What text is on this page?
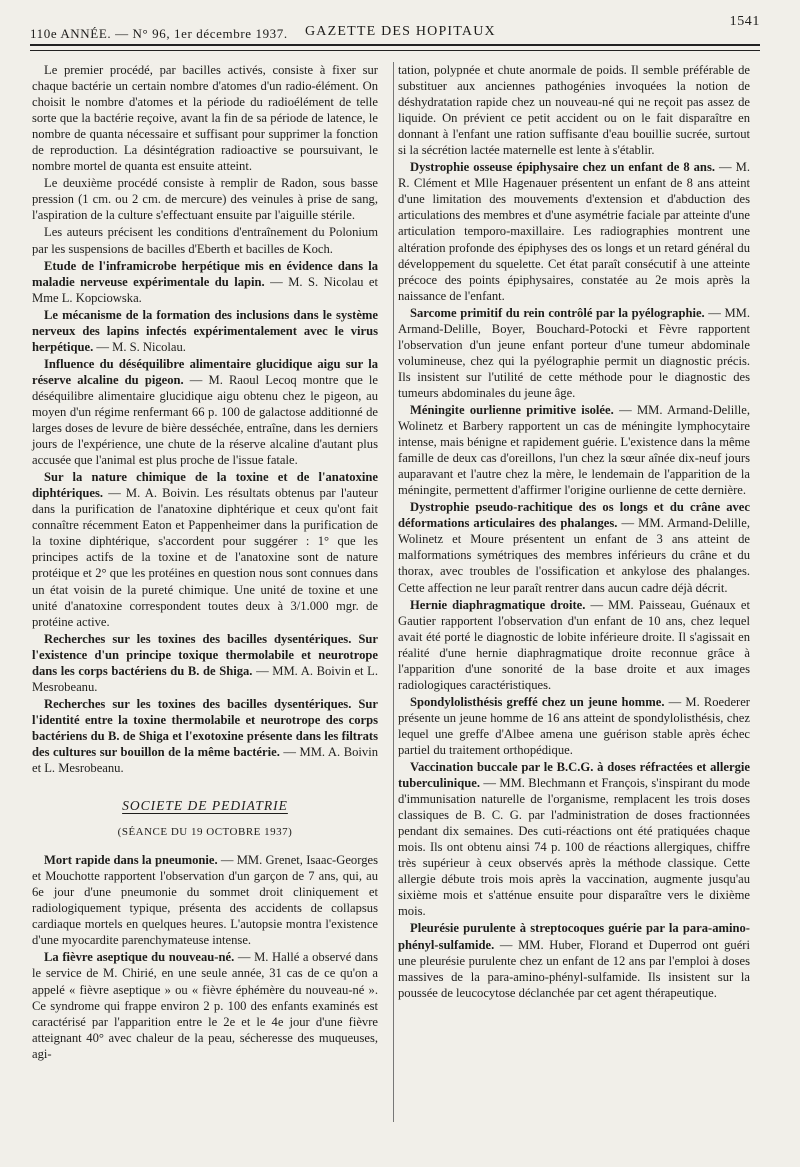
110e ANNÉE. — N° 96, 1er décembre 1937. GAZETTE DES HOPITAUX
1541

Le premier procédé, par bacilles activés, consiste à fixer sur chaque bactérie un certain nombre d'atomes d'un radio-élément. On choisit le nombre d'atomes et la période du radioélément de telle sorte que la bactérie reçoive, avant la fin de sa période de latence, le nombre de quanta nécessaire et suffisant pour supprimer la fonction de reproduction. La désintégration radioactive se poursuivant, le nombre mortel de quanta est ensuite atteint.

Le deuxième procédé consiste à remplir de Radon, sous basse pression (1 cm. ou 2 cm. de mercure) des veinules à prise de sang, l'aspiration de la culture s'effectuant ensuite par l'aiguille stérile.

Les auteurs précisent les conditions d'entraînement du Polonium par les suspensions de bacilles d'Eberth et bacilles de Koch.

Etude de l'inframicrobe herpétique mis en évidence dans la maladie nerveuse expérimentale du lapin. — M. S. Nicolau et Mme L. Kopciowska.

Le mécanisme de la formation des inclusions dans le système nerveux des lapins infectés expérimentalement avec le virus herpétique. — M. S. Nicolau.

Influence du déséquilibre alimentaire glucidique aigu sur la réserve alcaline du pigeon. — M. Raoul Lecoq montre que le déséquilibre alimentaire glucidique aigu obtenu chez le pigeon, au moyen d'un régime renfermant 66 p. 100 de galactose additionné de larges doses de levure de bière desséchée, entraîne, dans les derniers jours de l'expérience, une chute de la réserve alcaline d'autant plus accusée que l'animal est plus proche de l'issue fatale.

Sur la nature chimique de la toxine et de l'anatoxine diphtériques. — M. A. Boivin. Les résultats obtenus par l'auteur dans la purification de l'anatoxine diphtérique et ceux qu'ont fait connaître récemment Eaton et Pappenheimer dans la purification de la toxine diphtérique, s'accordent pour suggérer : 1° que les principes actifs de la toxine et de l'anatoxine sont de nature protéique et 2° que les protéines en question nous sont connues dans un état voisin de la pureté chimique. Une unité de toxine et une unité d'anatoxine correspondent toutes deux à 3/1.000 mgr. de protéine active.

Recherches sur les toxines des bacilles dysentériques. Sur l'existence d'un principe toxique thermolabile et neurotrope dans les corps bactériens du B. de Shiga. — MM. A. Boivin et L. Mesrobeanu.

Recherches sur les toxines des bacilles dysentériques. Sur l'identité entre la toxine thermolabile et neurotrope des corps bactériens du B. de Shiga et l'exotoxine présente dans les filtrats des cultures sur bouillon de la même bactérie. — MM. A. Boivin et L. Mesrobeanu.

SOCIETE DE PEDIATRIE

(SÉANCE DU 19 OCTOBRE 1937)

Mort rapide dans la pneumonie. — MM. Grenet, Isaac-Georges et Mouchotte rapportent l'observation d'un garçon de 7 ans, qui, au 6e jour d'une pneumonie du sommet droit cliniquement et radiologiquement typique, présenta des accidents de collapsus cardiaque mortels en quelques heures. L'autopsie montra l'existence d'une myocardite parenchymateuse intense.

La fièvre aseptique du nouveau-né. — M. Hallé a observé dans le service de M. Chirié, en une seule année, 31 cas de ce qu'on a appelé « fièvre aseptique » ou « fièvre éphémère du nouveau-né ». Ce syndrome qui frappe environ 2 p. 100 des enfants examinés est caractérisé par l'apparition entre le 2e et le 4e jour d'une fièvre atteignant 40° avec chaleur de la peau, sécheresse des muqueuses, agi-

tation, polypnée et chute anormale de poids. Il semble préférable de substituer aux anciennes pathogénies invoquées la notion de déshydratation rapide chez un nouveau-né qui ne reçoit pas assez de liquide. On prévient ce petit accident ou on le fait disparaître en donnant à l'enfant une ration suffisante d'eau bouillie sucrée, surtout si la sécrétion lactée maternelle est lente à s'établir.

Dystrophie osseuse épiphysaire chez un enfant de 8 ans. — M. R. Clément et Mlle Hagenauer présentent un enfant de 8 ans atteint d'une limitation des mouvements d'extension et d'abduction des articulations des membres et d'une asymétrie faciale par atteinte d'une articulation temporo-maxillaire. Les radiographies montrent une altération profonde des épiphyses des os longs et un retard général du développement du squelette. Cet état paraît consécutif à une atteinte précoce des points épiphysaires, constatée au 2e mois après la naissance de l'enfant.

Sarcome primitif du rein contrôlé par la pyélographie. — MM. Armand-Delille, Boyer, Bouchard-Potocki et Fèvre rapportent l'observation d'un jeune enfant porteur d'une tumeur abdominale volumineuse, chez qui la pyélographie permit un diagnostic précis. Ils insistent sur l'utilité de cette méthode pour le diagnostic des tumeurs abdominales du jeune âge.

Méningite ourlienne primitive isolée. — MM. Armand-Delille, Wolinetz et Barbery rapportent un cas de méningite lymphocytaire intense, mais bénigne et rapidement guérie. L'existence dans la même famille de deux cas d'oreillons, l'un chez la sœur aînée dix-neuf jours auparavant et l'autre chez la mère, le lendemain de l'apparition de la méningite, permettent d'affirmer l'origine ourlienne de cette dernière.

Dystrophie pseudo-rachitique des os longs et du crâne avec déformations articulaires des phalanges. — MM. Armand-Delille, Wolinetz et Moure présentent un enfant de 3 ans atteint de malformations symétriques des membres inférieurs du crâne et du thorax, avec troubles de l'ossification et ankylose des phalanges. Cette affection ne leur paraît rentrer dans aucun cadre déjà décrit.

Hernie diaphragmatique droite. — MM. Paisseau, Guénaux et Gautier rapportent l'observation d'un enfant de 10 ans, chez lequel avait été porté le diagnostic de lobite inférieure droite. Il s'agissait en réalité d'une hernie diaphragmatique droite reconnue grâce à l'apparition d'une sonorité de la base droite et aux images radiologiques caractéristiques.

Spondylolisthésis greffé chez un jeune homme. — M. Roederer présente un jeune homme de 16 ans atteint de spondylolisthésis, chez lequel une greffe d'Albee amena une guérison stable après échec partiel du traitement orthopédique.

Vaccination buccale par le B.C.G. à doses réfractées et allergie tuberculinique. — MM. Blechmann et François, s'inspirant du mode d'immunisation naturelle de l'organisme, remplacent les trois doses classiques de B. C. G. par l'administration de doses fractionnées pendant dix semaines. Des cuti-réactions ont été pratiquées chaque mois. Ils ont obtenu ainsi 74 p. 100 de réactions allergiques, chiffre très supérieur à ceux observés après la méthode classique. Cette allergie débute trois mois après la vaccination, augmente jusqu'au sixième mois et s'atténue ensuite pour disparaître vers le dixième mois.

Pleurésie purulente à streptocoques guérie par la para-amino-phényl-sulfamide. — MM. Huber, Florand et Duperrod ont guéri une pleurésie purulente chez un enfant de 12 ans par l'emploi à doses massives de la para-amino-phényl-sulfamide. Ils insistent sur la poussée de leucocytose déclanchée par cet agent thérapeutique.
